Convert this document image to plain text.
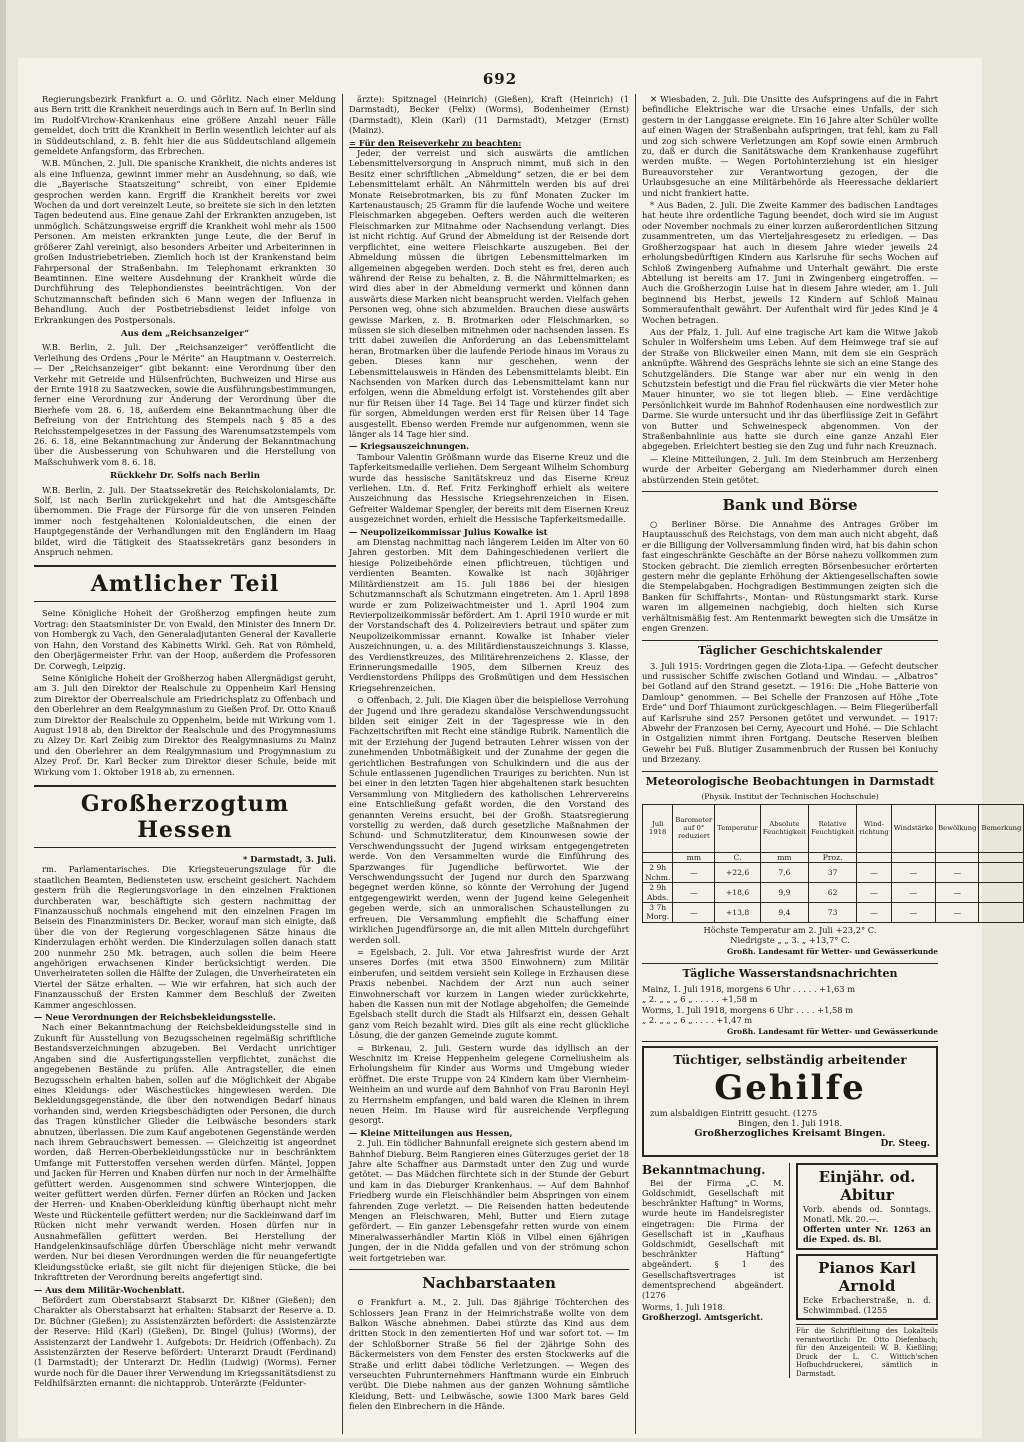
692

Regierungsbezirk Frankfurt a. O. und Görlitz. Nach einer Meldung aus Bern tritt die Krankheit neuerdings auch in Bern auf. In Berlin sind im Rudolf-Virchow-Krankenhaus eine größere Anzahl neuer Fälle gemeldet, doch tritt die Krankheit in Berlin wesentlich leichter auf als in Süddeutschland, z. B. fehlt hier die aus Süddeutschland allgemein gemeldete Anfangsform, das Erbrechen.

W.B. München, 2. Juli. Die spanische Krankheit, die nichts anderes ist als eine Influenza, gewinnt immer mehr an Ausdehnung, so daß, wie die „Bayerische Staatszeitung“ schreibt, von einer Epidemie gesprochen werden kann. Ergriff die Krankheit bereits vor zwei Wochen da und dort vereinzelt Leute, so breitete sie sich in den letzten Tagen bedeutend aus. Eine genaue Zahl der Erkrankten anzugeben, ist unmöglich. Schätzungsweise ergriff die Krankheit wohl mehr als 1500 Personen. Am meisten erkrankten junge Leute, die der Beruf in größerer Zahl vereinigt, also besonders Arbeiter und Arbeiterinnen in großen Industriebetrieben. Ziemlich hoch ist der Krankenstand beim Fahrpersonal der Straßenbahn. Im Telephonamt erkrankten 30 Beamtinnen. Eine weitere Ausdehnung der Krankheit würde die Durchführung des Telephondienstes beeinträchtigen. Von der Schutzmannschaft befinden sich 6 Mann wegen der Influenza in Behandlung. Auch der Postbetriebsdienst leidet infolge von Erkrankungen des Postpersonals.

Aus dem „Reichsanzeiger“

W.B. Berlin, 2. Juli. Der „Reichsanzeiger“ veröffentlicht die Verleihung des Ordens „Pour le Mérite“ an Hauptmann v. Oesterreich. — Der „Reichsanzeiger“ gibt bekannt: eine Verordnung über den Verkehr mit Getreide und Hülsenfrüchten, Buchweizen und Hirse aus der Ernte 1918 zu Saatzwecken, sowie die Ausführungsbestimmungen, ferner eine Verordnung zur Änderung der Verordnung über die Bierhefe vom 28. 6. 18, außerdem eine Bekanntmachung über die Befreiung von der Entrichtung des Stempels nach § 85 a des Reichsstempelgesetzes in der Fassung des Warenumsatzstempels vom 26. 6. 18, eine Bekanntmachung zur Änderung der Bekanntmachung über die Ausbesserung von Schuhwaren und die Herstellung von Maßschuhwerk vom 8. 6. 18.

Rückkehr Dr. Solfs nach Berlin

W.B. Berlin, 2. Juli. Der Staatssekretär des Reichskolonialamts, Dr. Solf, ist nach Berlin zurückgekehrt und hat die Amtsgeschäfte übernommen. Die Frage der Fürsorge für die von unseren Feinden immer noch festgehaltenen Kolonialdeutschen, die einen der Hauptgegenstände der Verhandlungen mit den Engländern im Haag bildet, wird die Tätigkeit des Staatssekretärs ganz besonders in Anspruch nehmen.

Amtlicher Teil

Seine Königliche Hoheit der Großherzog empfingen heute zum Vortrag: den Staatsminister Dr. von Ewald, den Minister des Innern Dr. von Hombergk zu Vach, den Generaladjutanten General der Kavallerie von Hahn, den Vorstand des Kabinetts Wirkl. Geh. Rat von Römheld, den Oberjägermeister Frhr. van der Hoop, außerdem die Professoren Dr. Corwegh, Leipzig.

Seine Königliche Hoheit der Großherzog haben Allergnädigst geruht, am 3. Juli den Direktor der Realschule zu Oppenheim Karl Hensing zum Direktor der Oberrealschule am Friedrichsplatz zu Offenbach und den Oberlehrer an dem Realgymnasium zu Gießen Prof. Dr. Otto Knauß zum Direktor der Realschule zu Oppenheim, beide mit Wirkung vom 1. August 1918 ab, den Direktor der Realschule und des Progymnasiums zu Alzey Dr. Karl Zeibig zum Direktor des Realgymnasiums zu Mainz und den Oberlehrer an dem Realgymnasium und Progymnasium zu Alzey Prof. Dr. Karl Becker zum Direktor dieser Schule, beide mit Wirkung vom 1. Oktober 1918 ab, zu ernennen.

Großherzogtum Hessen
* Darmstadt, 3. Juli.

rm. Parlamentarisches. Die Kriegsteuerungszulage für die staatlichen Beamten, Bediensteten usw. erscheint gesichert. Nachdem gestern früh die Regierungsvorlage in den einzelnen Fraktionen durchberaten war, beschäftigte sich gestern nachmittag der Finanzausschuß nochmals eingehend mit den einzelnen Fragen im Beisein des Finanzministers Dr. Becker, worauf man sich einigte, daß über die von der Regierung vorgeschlagenen Sätze hinaus die Kinderzulagen erhöht werden. Die Kinderzulagen sollen danach statt 200 nunmehr 250 Mk. betragen, auch sollen die beim Heere angehörigen erwachsenen Kinder berücksichtigt werden. Die Unverheirateten sollen die Hälfte der Zulagen, die Unverheirateten ein Viertel der Sätze erhalten. — Wie wir erfahren, hat sich auch der Finanzausschuß der Ersten Kammer dem Beschluß der Zweiten Kammer angeschlossen.

— Neue Verordnungen der Reichsbekleidungsstelle.

Nach einer Bekanntmachung der Reichsbekleidungsstelle sind in Zukunft für Ausstellung von Bezugsscheinen regelmäßig schriftliche Bestandsverzeichnungen abzugeben. Bei Verdacht unrichtiger Angaben sind die Ausfertigungsstellen verpflichtet, zunächst die angegebenen Bestände zu prüfen. Alle Antragsteller, die einen Bezugsschein erhalten haben, sollen auf die Möglichkeit der Abgabe eines Kleidungs- oder Wäschestückes hingewiesen werden. Die Bekleidungsgegenstände, die über den notwendigen Bedarf hinaus vorhanden sind, werden Kriegsbeschädigten oder Personen, die durch das Tragen künstlicher Glieder die Leibwäsche besonders stark abnutzen, überlassen. Die zum Kauf angebotenen Gegenstände werden nach ihrem Gebrauchswert bemessen. — Gleichzeitig ist angeordnet worden, daß Herren-Oberbekleidungsstücke nur in beschränktem Umfange mit Futterstoffen versehen werden dürfen. Mäntel, Joppen und Jacken für Herren und Knaben dürfen nur noch in der Ärmelhälfte gefüttert werden. Ausgenommen sind schwere Winterjoppen, die weiter gefüttert werden dürfen. Ferner dürfen an Röcken und Jacken der Herren- und Knaben-Oberkleidung künftig überhaupt nicht mehr Weste und Rückenteile gefüttert werden; nur die Sackleinwand darf im Rücken nicht mehr verwandt werden. Hosen dürfen nur in Ausnahmefällen gefüttert werden. Bei Herstellung der Handgelenkinsaufschläge dürfen Überschläge nicht mehr verwandt werden. Nur bei diesen Verordnungen werden die für neuangefertigte Kleidungsstücke erlaßt, sie gilt nicht für diejenigen Stücke, die bei Inkrafttreten der Verordnung bereits angefertigt sind.

— Aus dem Militär-Wochenblatt.

Befördert zum Oberstabsarzt Stabsarzt Dr. Kißner (Gießen); den Charakter als Oberstabsarzt hat erhalten: Stabsarzt der Reserve a. D. Dr. Büchner (Gießen); zu Assistenzärzten befördert: die Assistenzärzte der Reserve: Hild (Karl) (Gießen), Dr. Bingel (Julius) (Worms), der Assistenzarzt der Landwehr 1. Aufgebots: Dr. Heidrich (Offenbach). Zu Assistenzärzten der Reserve befördert: Unterarzt Draudt (Ferdinand) (1 Darmstadt); der Unterarzt Dr. Hedlin (Ludwig) (Worms). Ferner wurde noch für die Dauer ihrer Verwendung im Kriegssanitätsdienst zu Feldhilfsärzten ernannt: die nichtapprob. Unterärzte (Feldunter-

ärzte): Spitznagel (Heinrich) (Gießen), Kraft (Heinrich) (1 Darmstadt), Becker (Felix) (Worms), Bodenheimer (Ernst) (Darmstadt), Klein (Karl) (11 Darmstadt), Metzger (Ernst) (Mainz).

= Für den Reiseverkehr zu beachten:

Jeder, der verreist und sich auswärts die amtlichen Lebensmittelversorgung in Anspruch nimmt, muß sich in den Besitz einer schriftlichen „Abmeldung“ setzen, die er bei dem Lebensmittelamt erhält. An Nährmitteln werden bis auf drei Monate Reisebrotmarken, bis zu fünf Monaten Zucker im Kartenaustausch; 25 Gramm für die laufende Woche und weitere Fleischmarken abgegeben. Oefters werden auch die weiteren Fleischmarken zur Mitnahme oder Nachsendung verlangt. Dies ist nicht richtig. Auf Grund der Abmeldung ist der Reisende dort verpflichtet, eine weitere Fleischkarte auszugeben. Bei der Abmeldung müssen die übrigen Lebensmittelmarken im allgemeinen abgegeben werden. Doch steht es frei, deren auch während der Reise zu behalten, z. B. die Nährmittelmarken; es wird dies aber in der Abmeldung vermerkt und können dann auswärts diese Marken nicht beansprucht werden. Vielfach gehen Personen weg, ohne sich abzumelden. Brauchen diese auswärts gewisse Marken, z. B. Brotmarken oder Fleischmarken, so müssen sie sich dieselben mitnehmen oder nachsenden lassen. Es tritt dabei zuweilen die Anforderung an das Lebensmittelamt heran, Brotmarken über die laufende Periode hinaus im Voraus zu geben. Dieses kann nur geschehen, wenn der Lebensmittelausweis in Händen des Lebensmittelamts bleibt. Ein Nachsenden von Marken durch das Lebensmittelamt kann nur erfolgen, wenn die Abmeldung erfolgt ist. Vorstehendes gilt aber nur für Reisen über 14 Tage. Bei 14 Tage und kürzer findet sich für sorgen, Abmeldungen werden erst für Reisen über 14 Tage ausgestellt. Ebenso werden Fremde nur aufgenommen, wenn sie länger als 14 Tage hier sind.

— Kriegsauszeichnungen.

Tambour Valentin Größmann wurde das Eiserne Kreuz und die Tapferkeitsmedaille verliehen. Dem Sergeant Wilhelm Schomburg wurde das hessische Sanitätskreuz und das Eiserne Kreuz verliehen. Ltn. d. Ref. Fritz Ferkinghoff erhielt als weitere Auszeichnung das Hessische Kriegsehrenzeichen in Eisen. Gefreiter Waldemar Spengler, der bereits mit dem Eisernen Kreuz ausgezeichnet worden, erhielt die Hessische Tapferkeitsmedaille.

— Neupolizeikommissar Julius Kowalke ist

am Dienstag nachmittag nach längerem Leiden im Alter von 60 Jahren gestorben. Mit dem Dahingeschiedenen verliert die hiesige Polizeibehörde einen pflichtreuen, tüchtigen und verdienten Beamten. Kowalke ist nach 30jähriger Militärdienstzeit am 15. Juli 1886 bei der hiesigen Schutzmannschaft als Schutzmann eingetreten. Am 1. April 1898 wurde er zum Polizeiwachtmeister und 1. April 1904 zum Revierpolizeikommissär befördert. Am 1. April 1910 wurde er mit der Vorstandschaft des 4. Polizeireviers betraut und später zum Neupolizeikommissar ernannt. Kowalke ist Inhaber vieler Auszeichnungen, u. a. des Militärdienstauszeichnungs 3. Klasse, des Verdienstkreuzes, des Militärehrenzeichens 2. Klasse, der Erinnerungsmedaille 1905, dem Silbernen Kreuz des Verdienstordens Philipps des Großmütigen und dem Hessischen Kriegsehrenzeichen.

⊙ Offenbach, 2. Juli. Die Klagen über die beispiellose Verrohung der Jugend und ihre geradezu skandalöse Verschwendungssucht bilden seit einiger Zeit in der Tagespresse wie in den Fachzeitschriften mit Recht eine ständige Rubrik. Namentlich die mit der Erziehung der Jugend betrauten Lehrer wissen von der zunehmenden Unbotmäßigkeit und der Zunahme der gegen die gerichtlichen Bestrafungen von Schulkindern und die aus der Schule entlassenen Jugendlichen Trauriges zu berichten. Nun ist bei einer in den letzten Tagen hier abgehaltenen stark besuchten Versammlung von Mitgliedern des katholischen Lehrervereins eine Entschließung gefaßt worden, die den Vorstand des genannten Vereins ersucht, bei der Großh. Staatsregierung vorstellig zu werden, daß durch gesetzliche Maßnahmen der Schund- und Schmutzliteratur, dem Kinounwesen sowie der Verschwendungssucht der Jugend wirksam entgegengetreten werde. Von den Versammelten wurde die Einführung des Sparzwanges für Jugendliche befürwortet. Wie der Verschwendungssucht der Jugend nur durch den Sparzwang begegnet werden könne, so könnte der Verrohung der Jugend entgegengewirkt werden, wenn der Jugend keine Gelegenheit gegeben werde, sich an unmoralischen Schaustellungen zu erfreuen. Die Versammlung empfiehlt die Schaffung einer wirklichen Jugendfürsorge an, die mit allen Mitteln durchgeführt werden soll.

= Egelsbach, 2. Juli. Vor etwa Jahresfrist wurde der Arzt unseres Dorfes (mit etwa 3500 Einwohnern) zum Militär einberufen, und seitdem versieht sein Kollege in Erzhausen diese Praxis nebenbei. Nachdem der Arzt nun auch seiner Einwohnerschaft vor kurzem in Langen wieder zurückkehrte, haben die Kassen nun mit der Notlage abgeholfen; die Gemeinde Egelsbach stellt durch die Stadt als Hilfsarzt ein, dessen Gehalt ganz vom Reich bezahlt wird. Dies gilt als eine recht glückliche Lösung, die der ganzen Gemeinde zugute kommt.

= Birkenau, 2. Juli. Gestern wurde das idyllisch an der Weschnitz im Kreise Heppenheim gelegene Corneliusheim als Erholungsheim für Kinder aus Worms und Umgebung wieder eröffnet. Die erste Truppe von 24 Kindern kam über Viernheim-Weinheim an und wurde auf dem Bahnhof von Frau Baronin Heyl zu Herrnsheim empfangen, und bald waren die Kleinen in ihrem neuen Heim. Im Hause wird für ausreichende Verpflegung gesorgt.

— Kleine Mitteilungen aus Hessen,

2. Juli. Ein tödlicher Bahnunfall ereignete sich gestern abend im Bahnhof Dieburg. Beim Rangieren eines Güterzuges geriet der 18 Jahre alte Schaffner aus Darmstadt unter den Zug und wurde getötet. — Das Mädchen fürchtete sich in der Stunde der Geburt und kam in das Dieburger Krankenhaus. — Auf dem Bahnhof Friedberg wurde ein Fleischhändler beim Abspringen von einem fahrenden Zuge verletzt. — Die Reisenden hatten bedeutende Mengen an Fleischwaren, Mehl, Butter und Eiern zutage gefördert. — Ein ganzer Lebensgefahr retten wurde von einem Mineralwasserhändler Martin Klöß in Vilbel einen 6jährigen Jungen, der in die Nidda gefallen und von der strömung schon weit fortgetrieben war.

Nachbarstaaten

⊙ Frankfurt a. M., 2. Juli. Das 8jährige Töchterchen des Schlossers Jean Franz in der Heimrichstraße wollte von dem Balkon Wäsche abnehmen. Dabei stürzte das Kind aus dem dritten Stock in den zementierten Hof und war sofort tot. — Im der Schloßborner Straße 56 fiel der 2jährige Sohn des Bäckermeisters von dem Fenster des ersten Stockwerks auf die Straße und erlitt dabei tödliche Verletzungen. — Wegen des verseuchten Fuhrunternehmers Hanftmann wurde ein Einbruch verübt. Die Diebe nahmen aus der ganzen Wohnung sämtliche Kleidung, Bett- und Leibwäsche, sowie 1300 Mark bares Geld fielen den Einbrechern in die Hände.

✕ Wiesbaden, 2. Juli. Die Unsitte des Aufspringens auf die in Fahrt befindliche Elektrische war die Ursache eines Unfalls, der sich gestern in der Langgasse ereignete. Ein 16 Jahre alter Schüler wollte auf einen Wagen der Straßenbahn aufspringen, trat fehl, kam zu Fall und zog sich schwere Verletzungen am Kopf sowie einen Armbruch zu, daß er durch die Sanitätswache dem Krankenhause zugeführt werden mußte. — Wegen Portohinterziehung ist ein hiesiger Bureauvorsteher zur Verantwortung gezogen, der die Urlaubsgesuche an eine Militärbehörde als Heeressache deklariert und nicht frankiert hatte.

* Aus Baden, 2. Juli. Die Zweite Kammer des badischen Landtages hat heute ihre ordentliche Tagung beendet, doch wird sie im August oder November nochmals zu einer kurzen außerordentlichen Sitzung zusammentreten, um das Vierteljahresgesetz zu erledigen. — Das Großherzogspaar hat auch in diesem Jahre wieder jeweils 24 erholungsbedürftigen Kindern aus Karlsruhe für sechs Wochen auf Schloß Zwingenberg Aufnahme und Unterhalt gewährt. Die erste Abteilung ist bereits am 17. Juni in Zwingenberg eingetroffen. — Auch die Großherzogin Luise hat in diesem Jahre wieder, am 1. Juli beginnend bis Herbst, jeweils 12 Kindern auf Schloß Mainau Sommeraufenthalt gewährt. Der Aufenthalt wird für jedes Kind je 4 Wochen betragen.

Aus der Pfalz, 1. Juli. Auf eine tragische Art kam die Witwe Jakob Schuler in Wolfersheim ums Leben. Auf dem Heimwege traf sie auf der Straße von Blickweiler einen Mann, mit dem sie ein Gespräch anknüpfte. Während des Gesprächs lehnte sie sich an eine Stange des Schutzgeländers. Die Stange war aber nur ein wenig in den Schutzstein befestigt und die Frau fiel rückwärts die vier Meter hohe Mauer hinunter, wo sie tot liegen blieb. — Eine verdächtige Persönlichkeit wurde im Bahnhof Rodenhausen eine nordwestlich zur Darme. Sie wurde untersucht und ihr das überflüssige Zeit in Gefährt von Butter und Schweinespeck abgenommen. Von der Straßenbahnlinie aus hatte sie durch eine ganze Anzahl Eier abgegeben. Erleichtert bestieg sie den Zug und fuhr nach Kreuznach.

— Kleine Mitteilungen, 2. Juli. Im dem Steinbruch am Herzenberg wurde der Arbeiter Gebergang am Niederhammer durch einen abstürzenden Stein getötet.

Bank und Börse

○ Berliner Börse. Die Annahme des Antrages Gröber im Hauptausschuß des Reichstags, von dem man auch nicht abgeht, daß er die Billigung der Vollversammlung finden wird, hat bis dahin schon fast eingeschränkte Geschäfte an der Börse nahezu vollkommen zum Stocken gebracht. Die ziemlich erregten Börsenbesucher erörterten gestern mehr die geplante Erhöhung der Aktiengesellschaften sowie die Stempelabgaben. Hochgradigen Bestimmungen zeigten sich die Banken für Schiffahrts-, Montan- und Rüstungsmarkt stark. Kurse waren im allgemeinen nachgiebig, doch hielten sich Kurse verhältnismäßig fest. Am Rentenmarkt bewegten sich die Umsätze in engen Grenzen.

Täglicher Geschichtskalender

3. Juli 1915: Vordringen gegen die Zlota-Lipa. — Gefecht deutscher und russischer Schiffe zwischen Gotland und Windau. — „Albatros“ bei Gotland auf den Strand gesetzt. — 1916: Die „Hohe Batterie von Damloup“ genommen. — Bei Schelle der Franzosen auf Höhe „Tote Erde“ und Dorf Thiaumont zurückgeschlagen. — Beim Fliegerüberfall auf Karlsruhe sind 257 Personen getötet und verwundet. — 1917: Abwehr der Franzosen bei Cerny, Ayecourt und Hohé. — Die Schlacht in Ostgalizien nimmt ihren Fortgang. Deutsche Reserven bleiben Gewehr bei Fuß. Blutiger Zusammenbruch der Russen bei Koniuchy und Brzezany.

Meteorologische Beobachtungen in Darmstadt
(Physik. Institut der Technischen Hochschule)
Juli 1918	Barometer auf 0° reduziert	Temperatur	Absolute Feuchtigkeit	Relative Feuchtigkeit	Wind-richtung	Windstärke	Bewölkung	Bemerkung
	mm	C.	mm	Proz.				
2 9h Nchm.	—	+22,6	7,6	37	—	—	—	
2 9h Abds.	—	+18,6	9,9	62	—	—	—	
3 7h Morg.	—	+13,8	9,4	73	—	—	—	
Höchste Temperatur am 2. Juli +23,2° C.
Niedrigste „ „ 3. „ +13,7° C.
Großh. Landesamt für Wetter- und Gewässerkunde
Tägliche Wasserstandsnachrichten
Mainz, 1. Juli 1918, morgens 6 Uhr . . . . . +1,63 m
„ 2. „ „ „ 6 „ . . . . . +1,58 m
Worms, 1. Juli 1918, morgens 6 Uhr . . . . +1,58 m
„ 2. „ „ „ 6 „ . . . . +1,47 m
Großh. Landesamt für Wetter- und Gewässerkunde
Tüchtiger, selbständig arbeitender
Gehilfe
zum alsbaldigen Eintritt gesucht. (1275
Bingen, den 1. Juli 1918.
Großherzogliches Kreisamt Bingen.
Dr. Steeg.
Bekanntmachung.

Bei der Firma „C. M. Goldschmidt, Gesellschaft mit beschränkter Haftung“ in Worms, wurde heute im Handelsregister eingetragen: Die Firma der Gesellschaft ist in „Kaufhaus Goldschmidt, Gesellschaft mit beschränkter Haftung“ abgeändert. § 1 des Gesellschaftsvertrages ist dementsprechend abgeändert. (1276

Worms, 1. Juli 1918.
Großherzogl. Amtsgericht.
Einjähr. od. Abitur
Vorb. abends od. Sonntags. Monatl. Mk. 20.—.
Offerten unter Nr. 1263 an die Exped. ds. Bl.
Pianos Karl Arnold
Ecke Erbacherstraße, n. d. Schwimmbad. (1255
Für die Schriftleitung des Lokalteils verantwortlich: Dr. Otto Diefenbach; für den Anzeigenteil: W. B. Kießling; Druck der L. C. Wittich'schen Hofbuchdruckerei, sämtlich in Darmstadt.
